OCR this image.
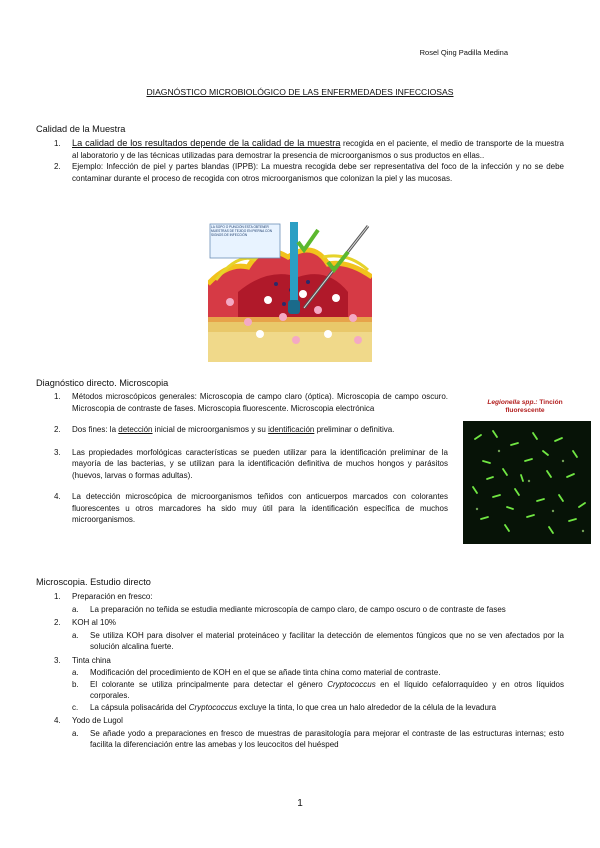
Rosel Qing Padilla Medina
DIAGNÓSTICO MICROBIOLÓGICO DE LAS ENFERMEDADES INFECCIOSAS
Calidad de la Muestra
1. La calidad de los resultados depende de la calidad de la muestra recogida en el paciente, el medio de transporte de la muestra al laboratorio y de las técnicas utilizadas para demostrar la presencia de microorganismos o sus productos en ellas..
2. Ejemplo: Infección de piel y partes blandas (IPPB): La muestra recogida debe ser representativa del foco de la infección y no se debe contaminar durante el proceso de recogida con otros microorganismos que colonizan la piel y las mucosas.
LA SOPO O PUNCIÓN ESTA OBTENER MUESTRAS DE TEJIDO EN PIERNA CON SIGNOS DE INFECCIÓN
Diagnóstico directo. Microscopia
1. Métodos microscópicos generales: Microscopia de campo claro (óptica). Microscopia de campo oscuro. Microscopia de contraste de fases. Microscopia fluorescente. Microscopia electrónica
2. Dos fines: la detección inicial de microorganismos y su identificación preliminar o definitiva.
3. Las propiedades morfológicas características se pueden utilizar para la identificación preliminar de la mayoría de las bacterias, y se utilizan para la identificación definitiva de muchos hongos y parásitos (huevos, larvas o formas adultas).
4. La detección microscópica de microorganismos teñidos con anticuerpos marcados con colorantes fluorescentes u otros marcadores ha sido muy útil para la identificación específica de muchos microorganismos.
Legionella spp.: Tinción
fluorescente
Microscopia. Estudio directo
1. Preparación en fresco:
a. La preparación no teñida se estudia mediante microscopía de campo claro, de campo oscuro o de contraste de fases
2. KOH al 10%
a. Se utiliza KOH para disolver el material proteináceo y facilitar la detección de elementos fúngicos que no se ven afectados por la solución alcalina fuerte.
3. Tinta china
a. Modificación del procedimiento de KOH en el que se añade tinta china como material de contraste.
b. El colorante se utiliza principalmente para detectar el género Cryptococcus en el líquido cefalorraquídeo y en otros líquidos corporales.
c. La cápsula polisacárida del Cryptococcus excluye la tinta, lo que crea un halo alrededor de la célula de la levadura
4. Yodo de Lugol
a. Se añade yodo a preparaciones en fresco de muestras de parasitología para mejorar el contraste de las estructuras internas; esto facilita la diferenciación entre las amebas y los leucocitos del huésped
1
